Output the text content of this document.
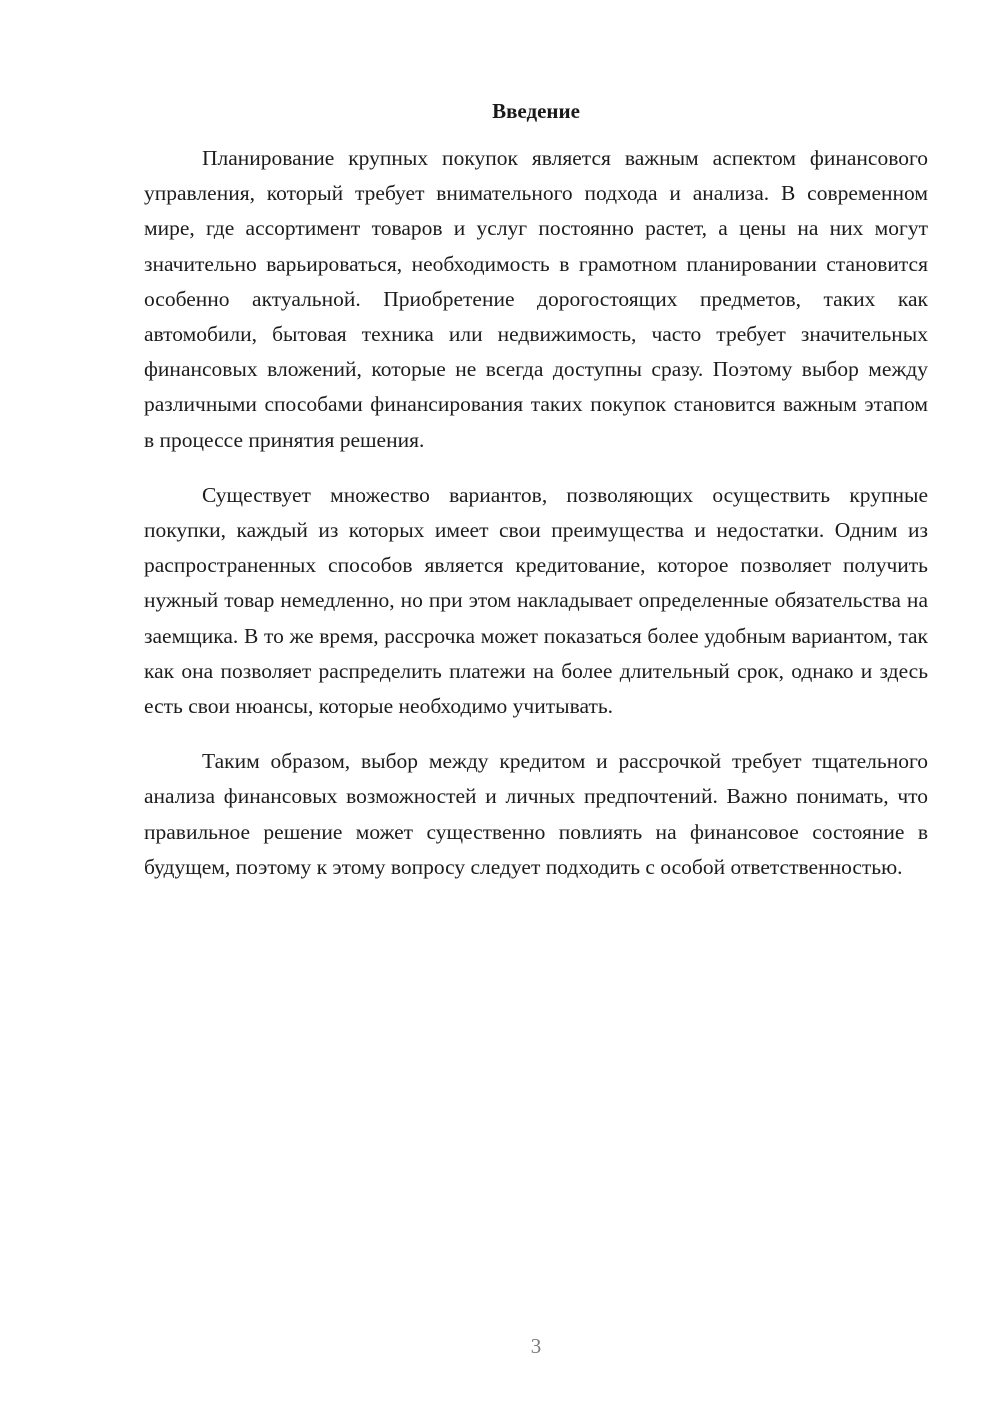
Введение

Планирование крупных покупок является важным аспектом финансового управления, который требует внимательного подхода и анализа. В современном мире, где ассортимент товаров и услуг постоянно растет, а цены на них могут значительно варьироваться, необходимость в грамотном планировании становится особенно актуальной. Приобретение дорогостоящих предметов, таких как автомобили, бытовая техника или недвижимость, часто требует значительных финансовых вложений, которые не всегда доступны сразу. Поэтому выбор между различными способами финансирования таких покупок становится важным этапом в процессе принятия решения.

Существует множество вариантов, позволяющих осуществить крупные покупки, каждый из которых имеет свои преимущества и недостатки. Одним из распространенных способов является кредитование, которое позволяет получить нужный товар немедленно, но при этом накладывает определенные обязательства на заемщика. В то же время, рассрочка может показаться более удобным вариантом, так как она позволяет распределить платежи на более длительный срок, однако и здесь есть свои нюансы, которые необходимо учитывать.

Таким образом, выбор между кредитом и рассрочкой требует тщательного анализа финансовых возможностей и личных предпочтений. Важно понимать, что правильное решение может существенно повлиять на финансовое состояние в будущем, поэтому к этому вопросу следует подходить с особой ответственностью.

3
